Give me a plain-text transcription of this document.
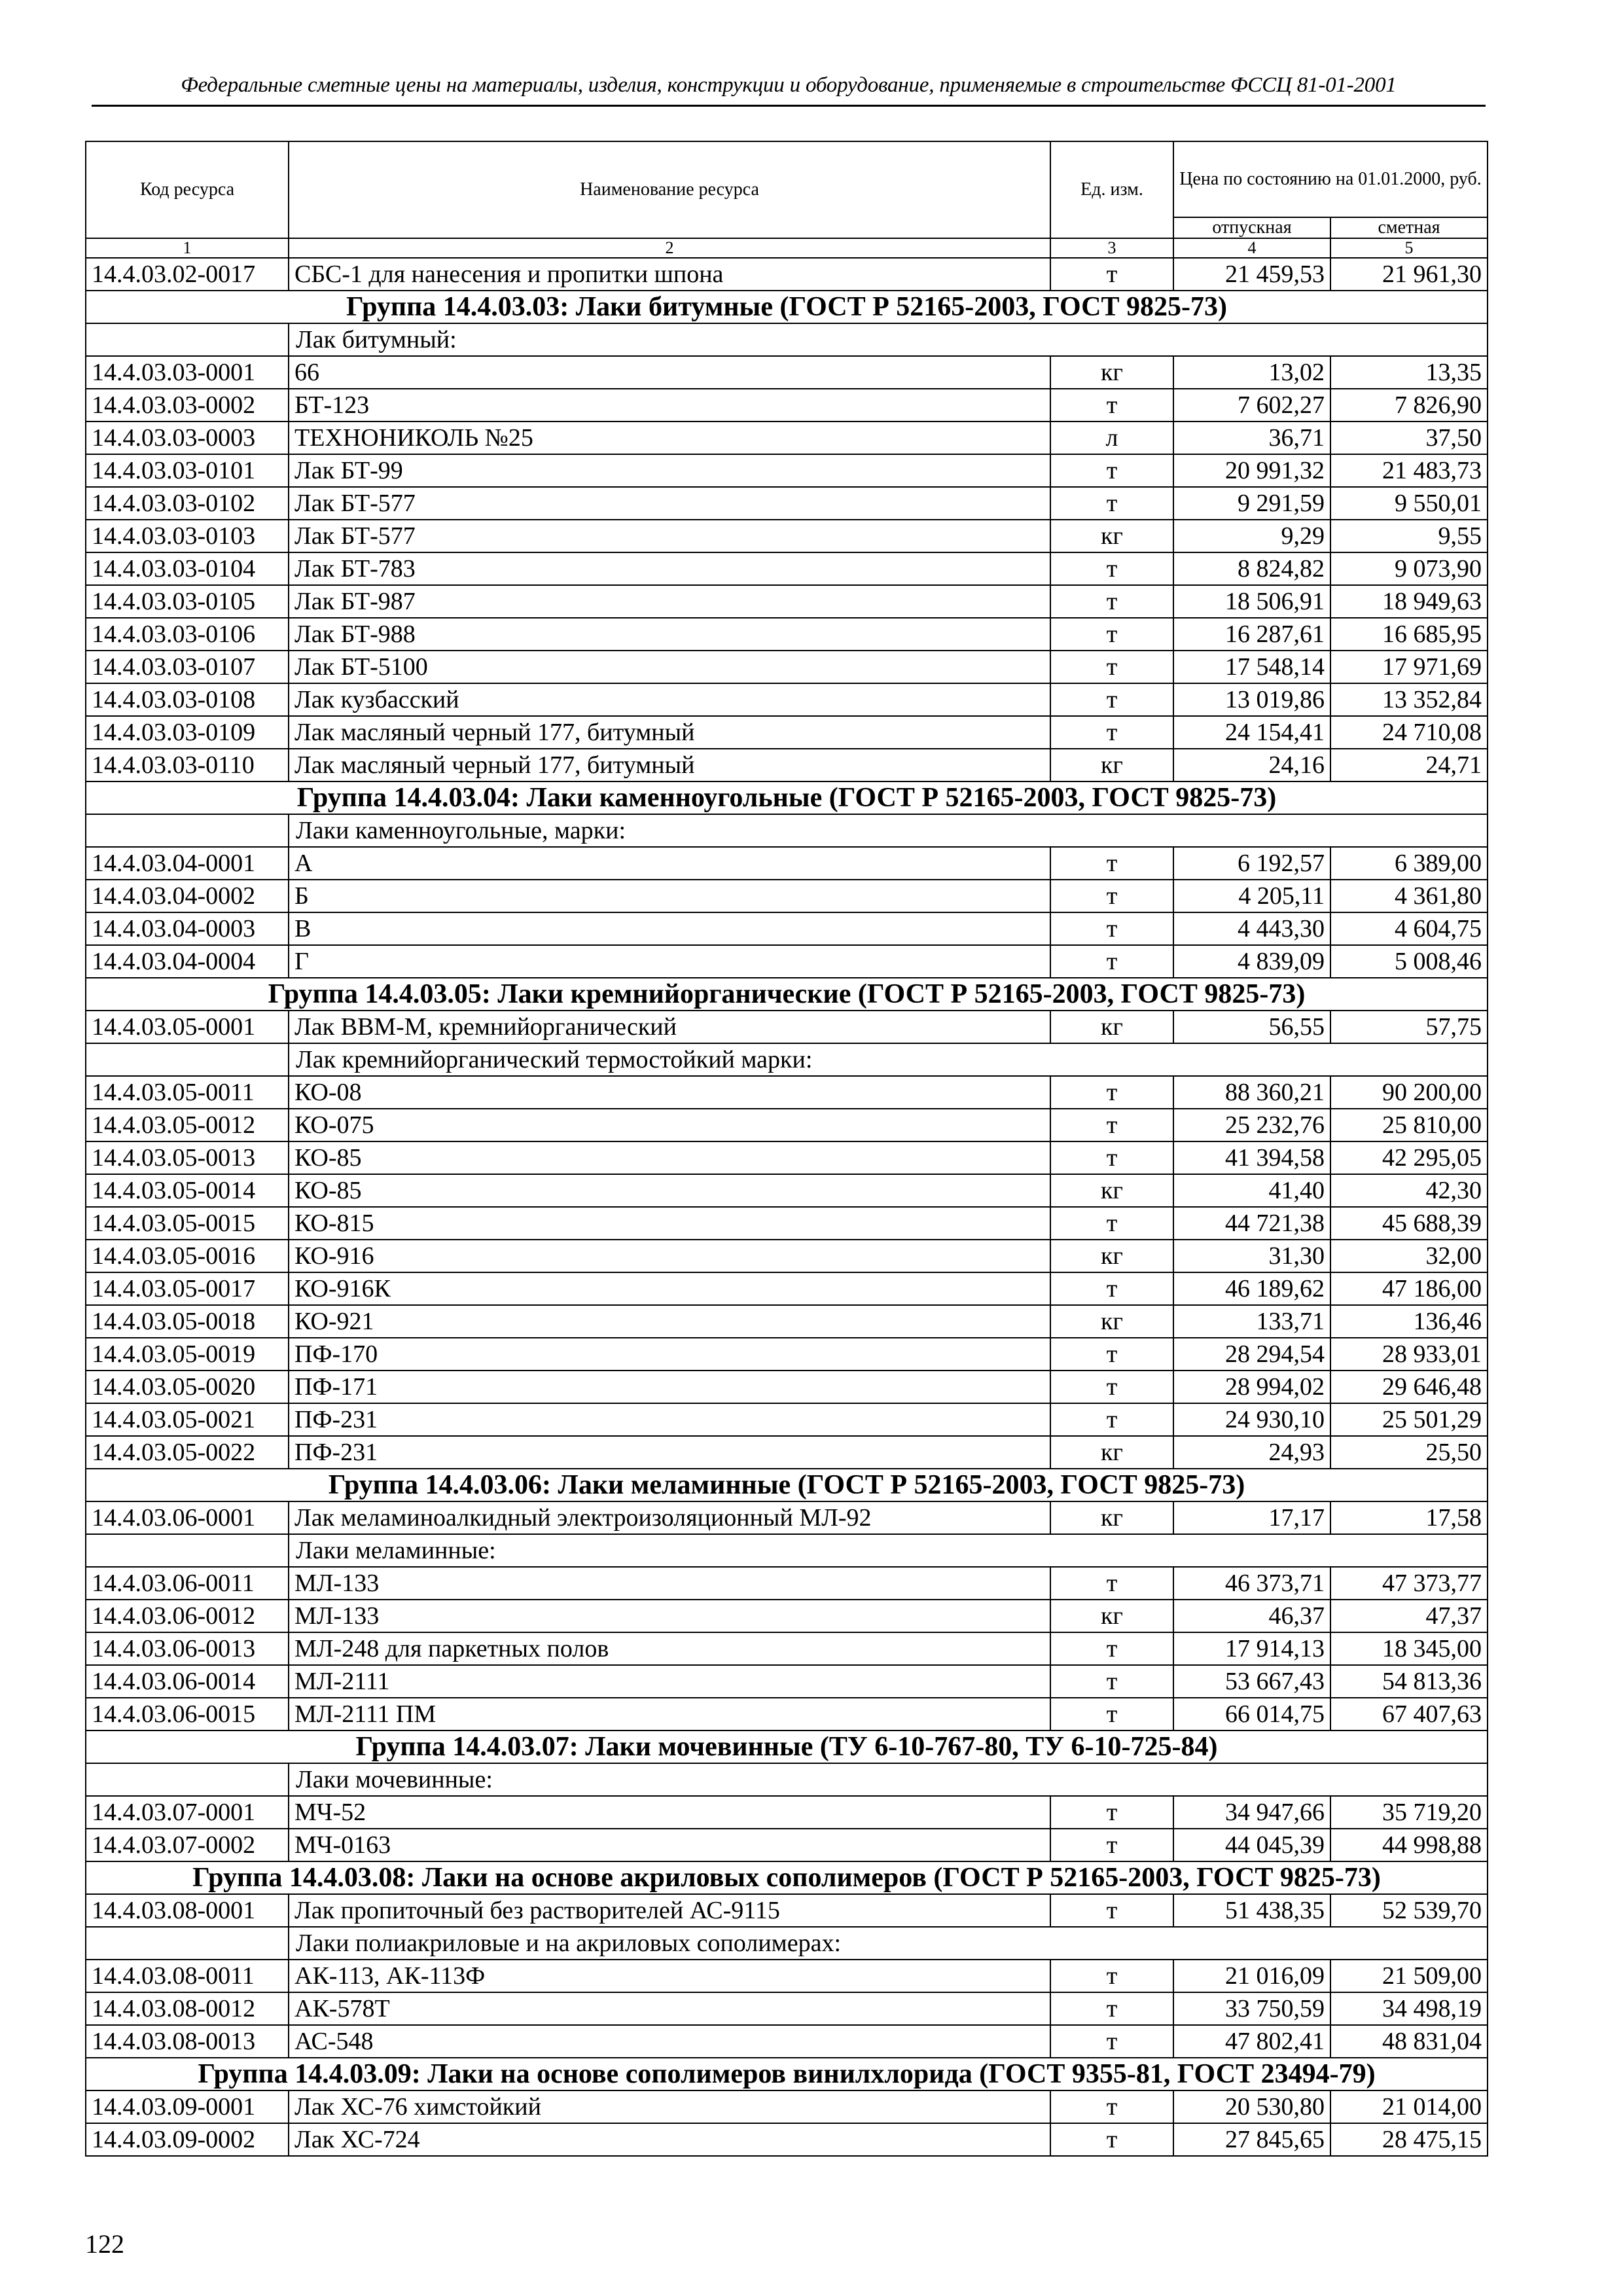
Федеральные сметные цены на материалы, изделия, конструкции и оборудование, применяемые в строительстве ФССЦ 81-01-2001
Код ресурса	Наименование ресурса	Ед. изм.	Цена по состоянию на 01.01.2000, руб.	
			отпускная	сметная
1	2	3	4	5
14.4.03.02-0017	СБС-1 для нанесения и пропитки шпона	т	21 459,53	21 961,30
Группа 14.4.03.03: Лаки битумные (ГОСТ Р 52165-2003, ГОСТ 9825-73)				
	Лак битумный:			
14.4.03.03-0001	66	кг	13,02	13,35
14.4.03.03-0002	БТ-123	т	7 602,27	7 826,90
14.4.03.03-0003	ТЕХНОНИКОЛЬ №25	л	36,71	37,50
14.4.03.03-0101	Лак БТ-99	т	20 991,32	21 483,73
14.4.03.03-0102	Лак БТ-577	т	9 291,59	9 550,01
14.4.03.03-0103	Лак БТ-577	кг	9,29	9,55
14.4.03.03-0104	Лак БТ-783	т	8 824,82	9 073,90
14.4.03.03-0105	Лак БТ-987	т	18 506,91	18 949,63
14.4.03.03-0106	Лак БТ-988	т	16 287,61	16 685,95
14.4.03.03-0107	Лак БТ-5100	т	17 548,14	17 971,69
14.4.03.03-0108	Лак кузбасский	т	13 019,86	13 352,84
14.4.03.03-0109	Лак масляный черный 177, битумный	т	24 154,41	24 710,08
14.4.03.03-0110	Лак масляный черный 177, битумный	кг	24,16	24,71
Группа 14.4.03.04: Лаки каменноугольные (ГОСТ Р 52165-2003, ГОСТ 9825-73)				
	Лаки каменноугольные, марки:			
14.4.03.04-0001	А	т	6 192,57	6 389,00
14.4.03.04-0002	Б	т	4 205,11	4 361,80
14.4.03.04-0003	В	т	4 443,30	4 604,75
14.4.03.04-0004	Г	т	4 839,09	5 008,46
Группа 14.4.03.05: Лаки кремнийорганические (ГОСТ Р 52165-2003, ГОСТ 9825-73)				
14.4.03.05-0001	Лак ВВМ-М, кремнийорганический	кг	56,55	57,75
	Лак кремнийорганический термостойкий марки:			
14.4.03.05-0011	КО-08	т	88 360,21	90 200,00
14.4.03.05-0012	КО-075	т	25 232,76	25 810,00
14.4.03.05-0013	КО-85	т	41 394,58	42 295,05
14.4.03.05-0014	КО-85	кг	41,40	42,30
14.4.03.05-0015	КО-815	т	44 721,38	45 688,39
14.4.03.05-0016	КО-916	кг	31,30	32,00
14.4.03.05-0017	КО-916К	т	46 189,62	47 186,00
14.4.03.05-0018	КО-921	кг	133,71	136,46
14.4.03.05-0019	ПФ-170	т	28 294,54	28 933,01
14.4.03.05-0020	ПФ-171	т	28 994,02	29 646,48
14.4.03.05-0021	ПФ-231	т	24 930,10	25 501,29
14.4.03.05-0022	ПФ-231	кг	24,93	25,50
Группа 14.4.03.06: Лаки меламинные (ГОСТ Р 52165-2003, ГОСТ 9825-73)				
14.4.03.06-0001	Лак меламиноалкидный электроизоляционный МЛ-92	кг	17,17	17,58
	Лаки меламинные:			
14.4.03.06-0011	МЛ-133	т	46 373,71	47 373,77
14.4.03.06-0012	МЛ-133	кг	46,37	47,37
14.4.03.06-0013	МЛ-248 для паркетных полов	т	17 914,13	18 345,00
14.4.03.06-0014	МЛ-2111	т	53 667,43	54 813,36
14.4.03.06-0015	МЛ-2111 ПМ	т	66 014,75	67 407,63
Группа 14.4.03.07: Лаки мочевинные (ТУ 6-10-767-80, ТУ 6-10-725-84)				
	Лаки мочевинные:			
14.4.03.07-0001	МЧ-52	т	34 947,66	35 719,20
14.4.03.07-0002	МЧ-0163	т	44 045,39	44 998,88
Группа 14.4.03.08: Лаки на основе акриловых сополимеров (ГОСТ Р 52165-2003, ГОСТ 9825-73)				
14.4.03.08-0001	Лак пропиточный без растворителей АС-9115	т	51 438,35	52 539,70
	Лаки полиакриловые и на акриловых сополимерах:			
14.4.03.08-0011	АК-113, АК-113Ф	т	21 016,09	21 509,00
14.4.03.08-0012	АК-578Т	т	33 750,59	34 498,19
14.4.03.08-0013	АС-548	т	47 802,41	48 831,04
Группа 14.4.03.09: Лаки на основе сополимеров винилхлорида (ГОСТ 9355-81, ГОСТ 23494-79)				
14.4.03.09-0001	Лак ХС-76 химстойкий	т	20 530,80	21 014,00
14.4.03.09-0002	Лак ХС-724	т	27 845,65	28 475,15
122
